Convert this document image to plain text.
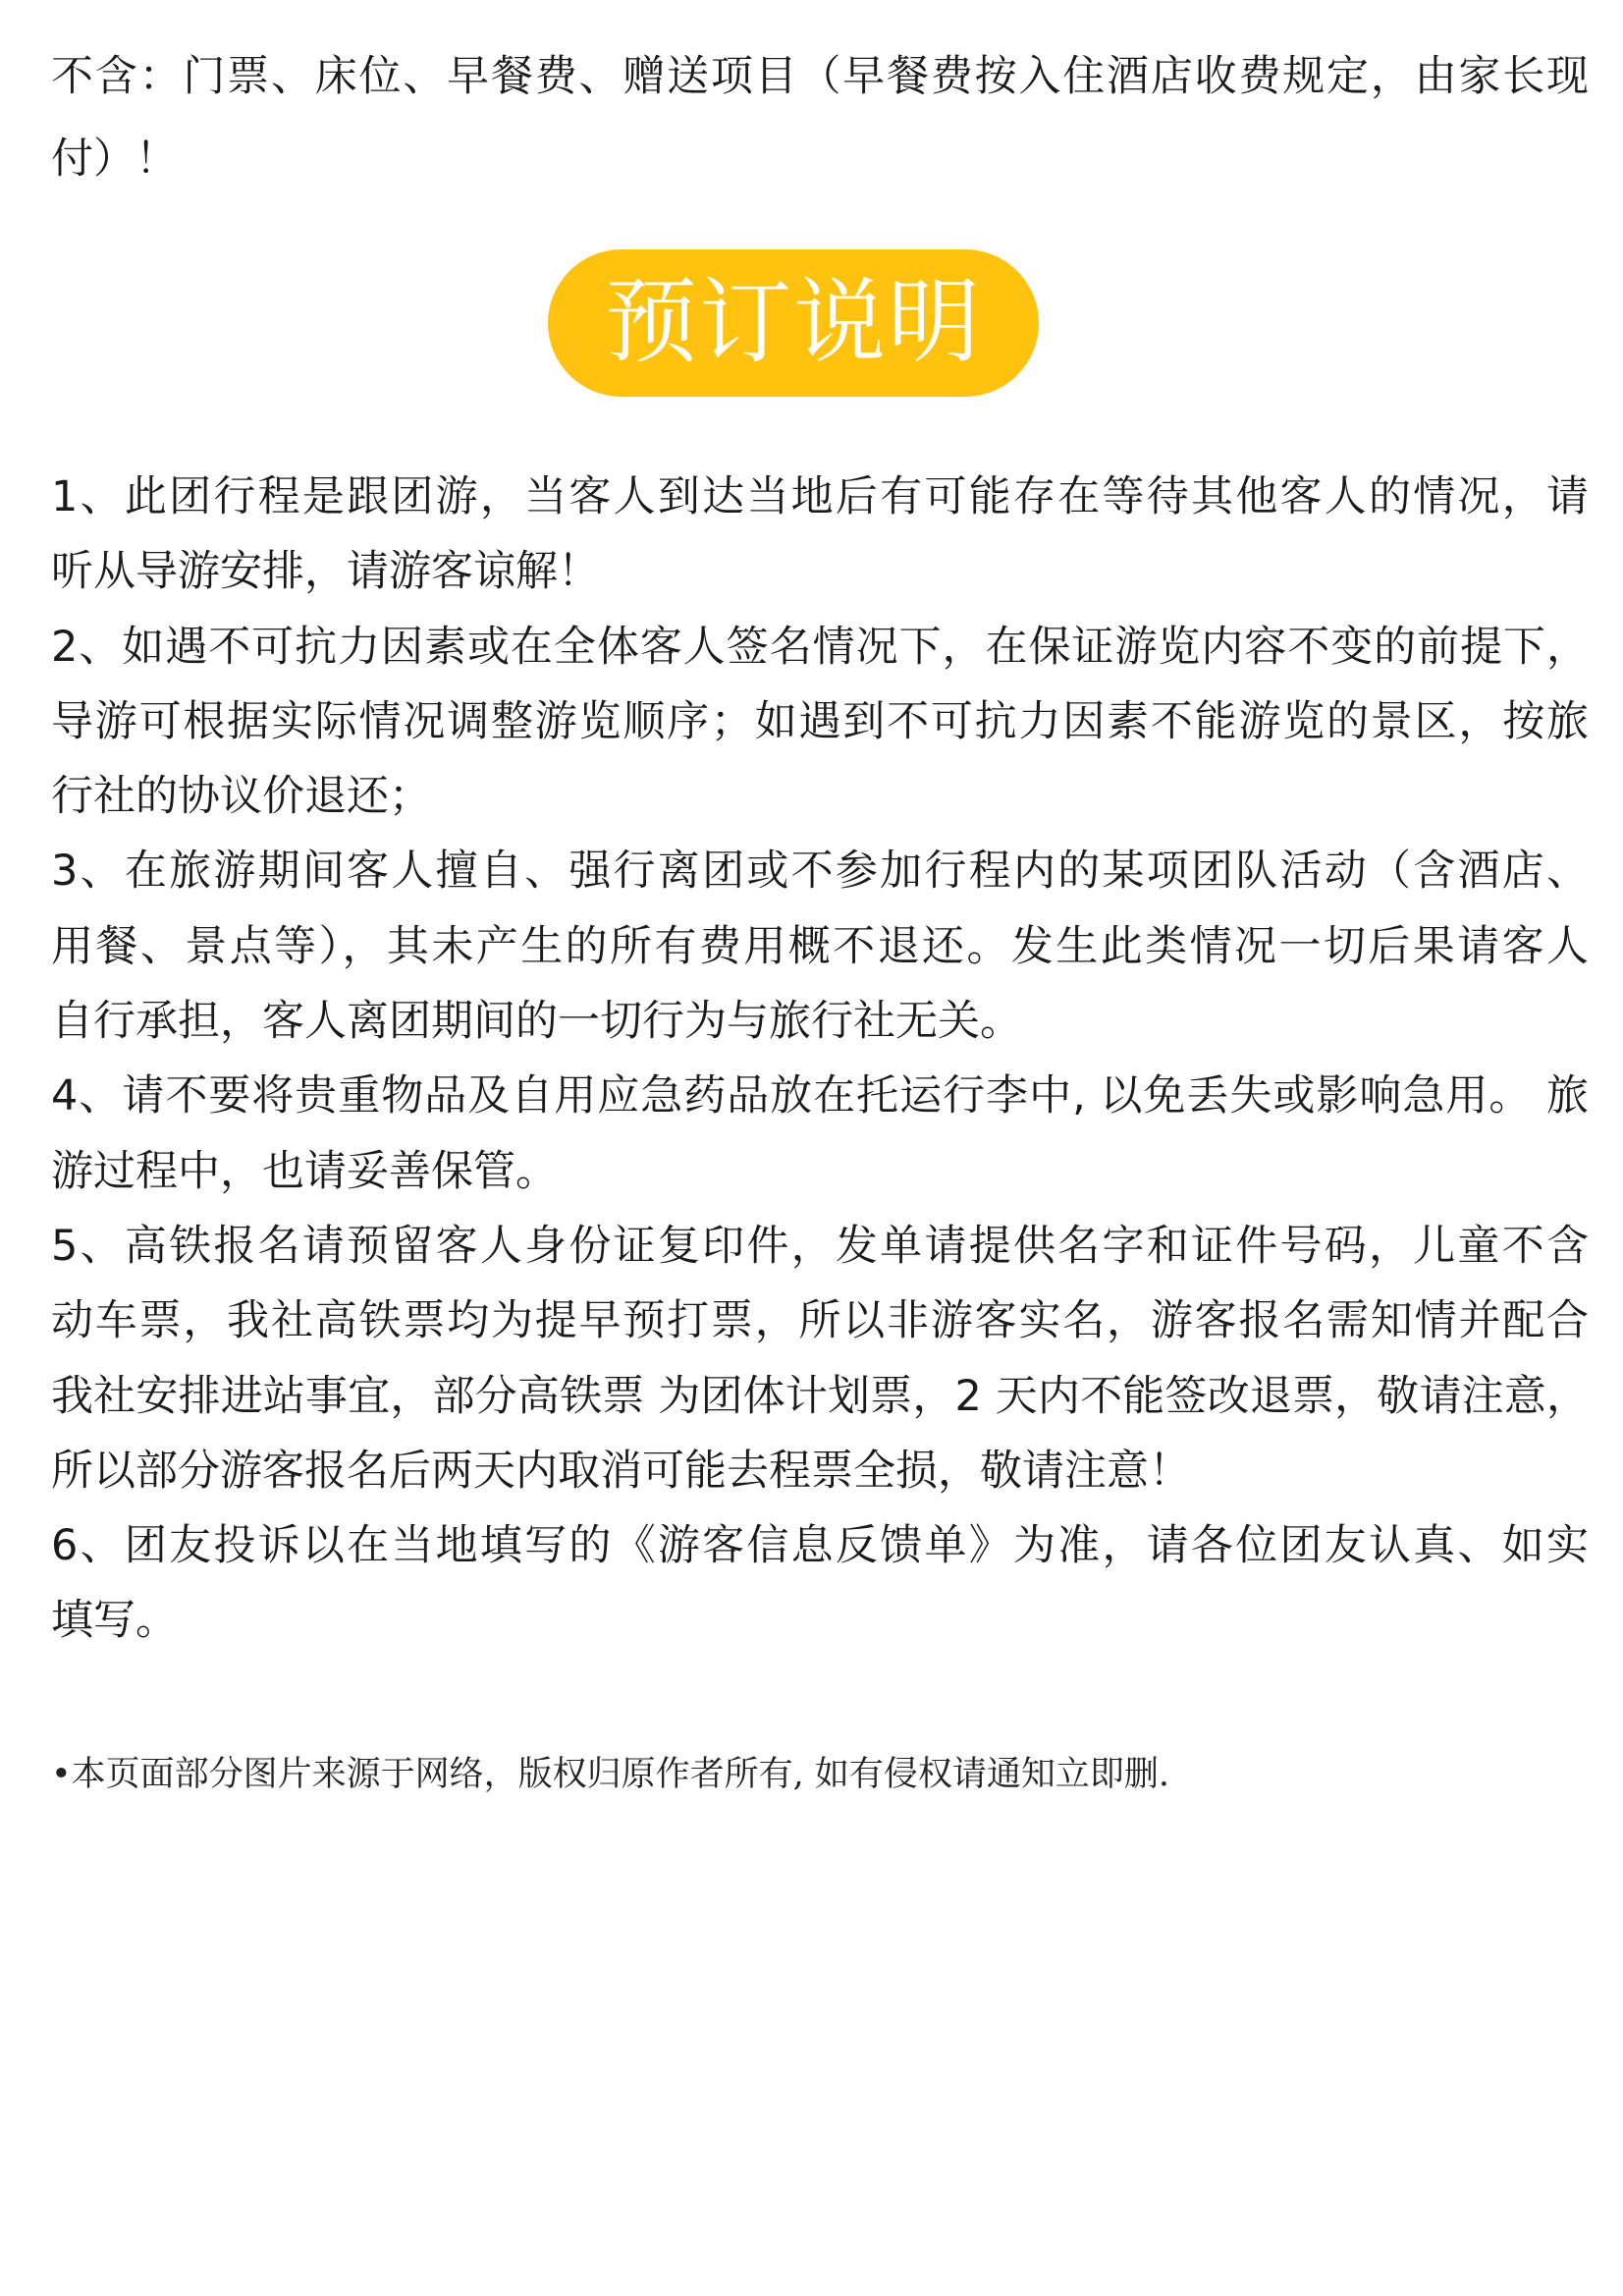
不含：门票、床位、早餐费、赠送项目（早餐费按入住酒店收费规定，由家长现
付）！
预订说明
1、此团行程是跟团游，当客人到达当地后有可能存在等待其他客人的情况，请
听从导游安排，请游客谅解！
2、如遇不可抗力因素或在全体客人签名情况下，在保证游览内容不变的前提下，
导游可根据实际情况调整游览顺序；如遇到不可抗力因素不能游览的景区，按旅
行社的协议价退还；
3、在旅游期间客人擅自、强行离团或不参加行程内的某项团队活动（含酒店、
用餐、景点等），其未产生的所有费用概不退还。发生此类情况一切后果请客人
自行承担，客人离团期间的一切行为与旅行社无关。
4、请不要将贵重物品及自用应急药品放在托运行李中, 以免丢失或影响急用。 旅
游过程中，也请妥善保管。
5、高铁报名请预留客人身份证复印件，发单请提供名字和证件号码，儿童不含
动车票，我社高铁票均为提早预打票，所以非游客实名，游客报名需知情并配合
我社安排进站事宜，部分高铁票 为团体计划票，2 天内不能签改退票，敬请注意，
所以部分游客报名后两天内取消可能去程票全损，敬请注意！
6、团友投诉以在当地填写的《游客信息反馈单》为准，请各位团友认真、如实
填写。
•本页面部分图片来源于网络，版权归原作者所有, 如有侵权请通知立即删.
